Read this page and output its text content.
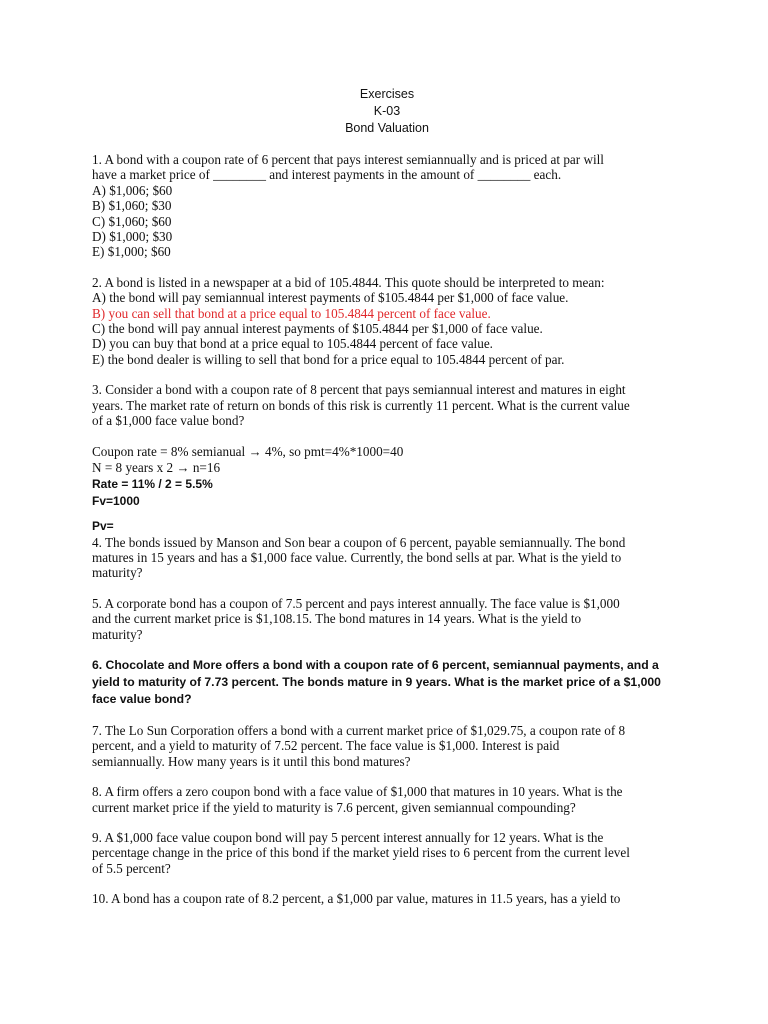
Exercises
K-03
Bond Valuation

1. A bond with a coupon rate of 6 percent that pays interest semiannually and is priced at par will

have a market price of ________ and interest payments in the amount of ________ each.

A) $1,006; $60
B) $1,060; $30
C) $1,060; $60
D) $1,000; $30
E) $1,000; $60

2. A bond is listed in a newspaper at a bid of 105.4844. This quote should be interpreted to mean:

A) the bond will pay semiannual interest payments of $105.4844 per $1,000 of face value.
B) you can sell that bond at a price equal to 105.4844 percent of face value.
C) the bond will pay annual interest payments of $105.4844 per $1,000 of face value.
D) you can buy that bond at a price equal to 105.4844 percent of face value.
E) the bond dealer is willing to sell that bond for a price equal to 105.4844 percent of par.

3. Consider a bond with a coupon rate of 8 percent that pays semiannual interest and matures in eight

years. The market rate of return on bonds of this risk is currently 11 percent. What is the current value

of a $1,000 face value bond?

Coupon rate = 8% semianual → 4%, so pmt=4%*1000=40
N = 8 years x 2 → n=16
Rate = 11% / 2 = 5.5%
Fv=1000
Pv=

4. The bonds issued by Manson and Son bear a coupon of 6 percent, payable semiannually. The bond

matures in 15 years and has a $1,000 face value. Currently, the bond sells at par. What is the yield to

maturity?

5. A corporate bond has a coupon of 7.5 percent and pays interest annually. The face value is $1,000

and the current market price is $1,108.15. The bond matures in 14 years. What is the yield to

maturity?

6. Chocolate and More offers a bond with a coupon rate of 6 percent, semiannual payments, and a
yield to maturity of 7.73 percent. The bonds mature in 9 years. What is the market price of a $1,000
face value bond?

7. The Lo Sun Corporation offers a bond with a current market price of $1,029.75, a coupon rate of 8

percent, and a yield to maturity of 7.52 percent. The face value is $1,000. Interest is paid

semiannually. How many years is it until this bond matures?

8. A firm offers a zero coupon bond with a face value of $1,000 that matures in 10 years. What is the

current market price if the yield to maturity is 7.6 percent, given semiannual compounding?

9. A $1,000 face value coupon bond will pay 5 percent interest annually for 12 years. What is the

percentage change in the price of this bond if the market yield rises to 6 percent from the current level

of 5.5 percent?

10. A bond has a coupon rate of 8.2 percent, a $1,000 par value, matures in 11.5 years, has a yield to
